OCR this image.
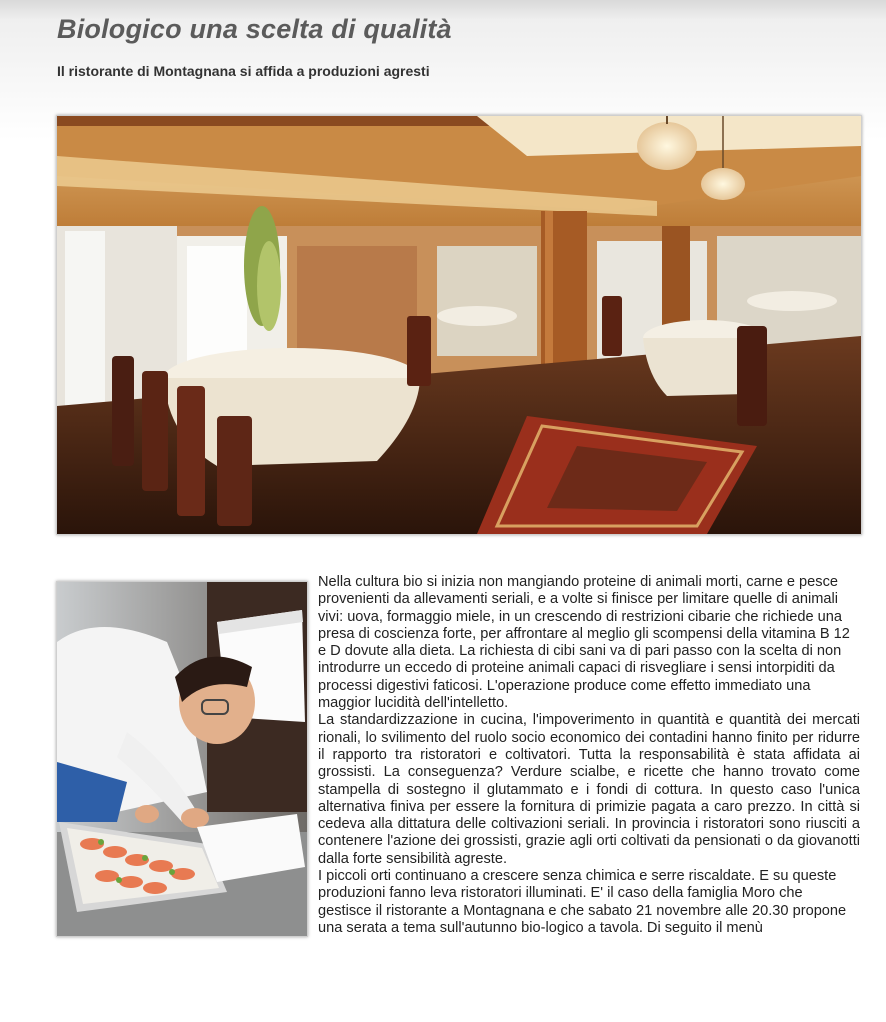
Biologico una scelta di qualità
Il ristorante di Montagnana si affida a produzioni agresti

Nella cultura bio si inizia non mangiando proteine di animali morti, carne e pesce provenienti da allevamenti seriali, e a volte si finisce per limitare quelle di animali vivi: uova, formaggio miele, in un crescendo di restrizioni cibarie che richiede una presa di coscienza forte, per affrontare al meglio gli scompensi della vitamina B 12 e D dovute alla dieta. La richiesta di cibi sani va di pari passo con la scelta di non introdurre un eccedo di proteine animali capaci di risvegliare i sensi intorpiditi da processi digestivi faticosi. L'operazione produce come effetto immediato una maggior lucidità dell'intelletto.

La standardizzazione in cucina, l'impoverimento in quantità e quantità dei mercati rionali, lo svilimento del ruolo socio economico dei contadini hanno finito per ridurre il rapporto tra ristoratori e coltivatori. Tutta la responsabilità è stata affidata ai grossisti. La conseguenza? Verdure scialbe, e ricette che hanno trovato come stampella di sostegno il glutammato e i fondi di cottura. In questo caso l'unica alternativa finiva per essere la fornitura di primizie pagata a caro prezzo. In città si cedeva alla dittatura delle coltivazioni seriali. In provincia i ristoratori sono riusciti a contenere l'azione dei grossisti, grazie agli orti coltivati da pensionati o da giovanotti dalla forte sensibilità agreste.

I piccoli orti continuano a crescere senza chimica e serre riscaldate. E su queste produzioni fanno leva ristoratori illuminati. E' il caso della famiglia Moro che gestisce il ristorante a Montagnana e che sabato 21 novembre alle 20.30 propone una serata a tema sull'autunno bio-logico a tavola. Di seguito il menù
